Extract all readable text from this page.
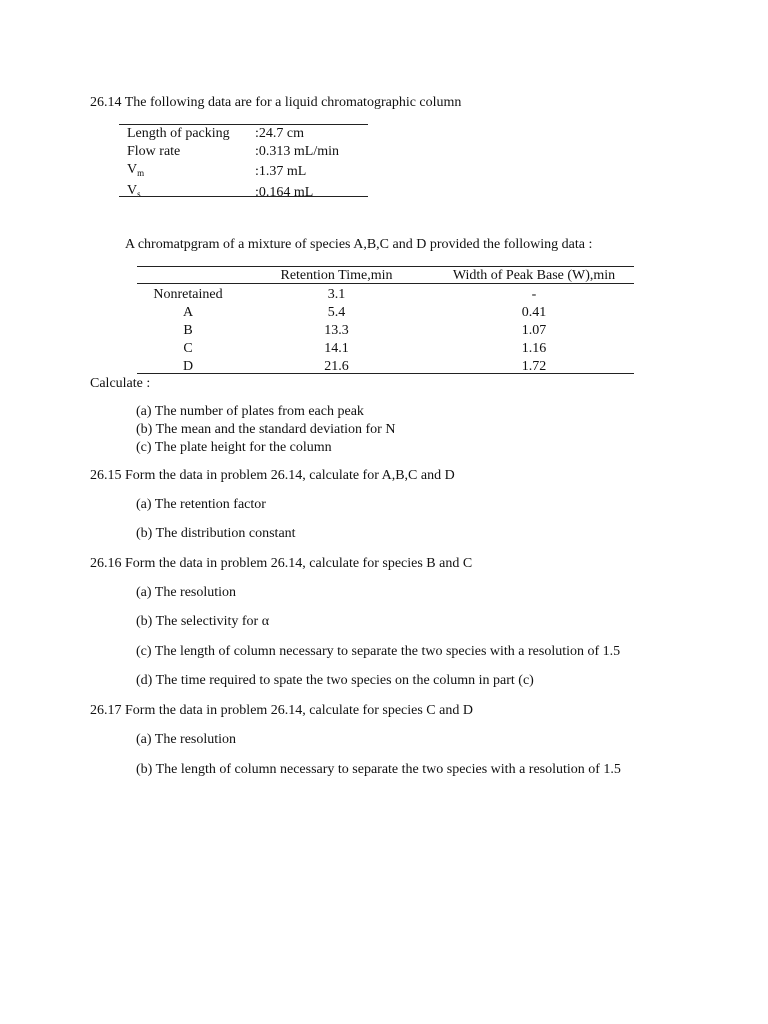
26.14 The following data are for a liquid chromatographic column
Length of packing	:24.7 cm
Flow rate	:0.313 mL/min
$V_m$	:1.37 mL
$V_s$	:0.164 mL
A chromatpgram of a mixture of species A,B,C and D provided the following data :
	Retention Time,min	Width of Peak Base (W),min
Nonretained	3.1	-
A	5.4	0.41
B	13.3	1.07
C	14.1	1.16
D	21.6	1.72
Calculate :
(a) The number of plates from each peak
(b) The mean and the standard deviation for N
(c) The plate height for the column
26.15 Form the data in problem 26.14, calculate for A,B,C and D
(a) The retention factor
(b) The distribution constant
26.16 Form the data in problem 26.14, calculate for species B and C
(a) The resolution
(b) The selectivity for α
(c) The length of column necessary to separate the two species with a resolution of 1.5
(d) The time required to spate the two species on the column in part (c)
26.17 Form the data in problem 26.14, calculate for species C and D
(a) The resolution
(b) The length of column necessary to separate the two species with a resolution of 1.5
